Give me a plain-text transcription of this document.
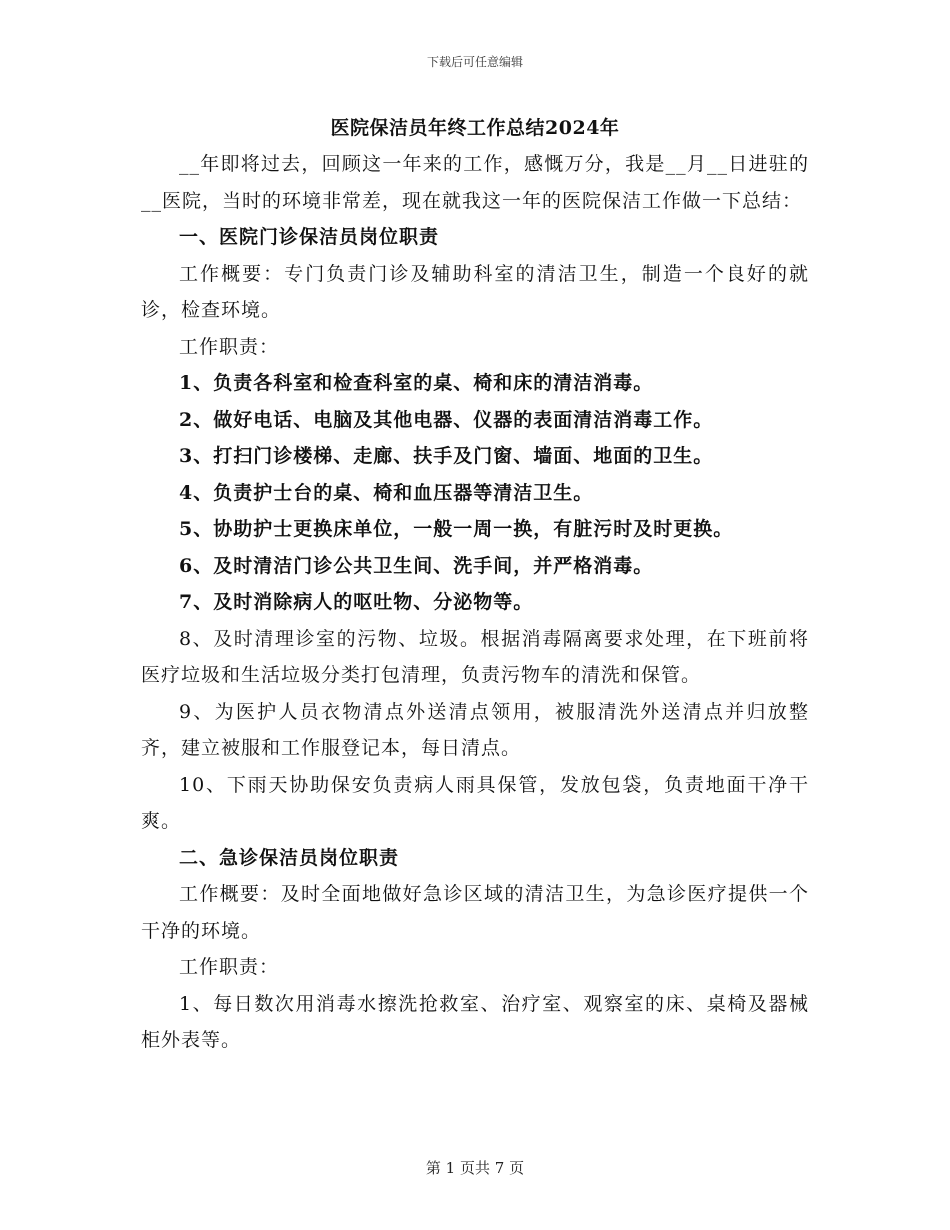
下载后可任意编辑
医院保洁员年终工作总结2024年

__年即将过去，回顾这一年来的工作，感慨万分，我是__月__日进驻的__医院，当时的环境非常差，现在就我这一年的医院保洁工作做一下总结：

一、医院门诊保洁员岗位职责

工作概要：专门负责门诊及辅助科室的清洁卫生，制造一个良好的就诊，检查环境。

工作职责：

1、负责各科室和检查科室的桌、椅和床的清洁消毒。

2、做好电话、电脑及其他电器、仪器的表面清洁消毒工作。

3、打扫门诊楼梯、走廊、扶手及门窗、墙面、地面的卫生。

4、负责护士台的桌、椅和血压器等清洁卫生。

5、协助护士更换床单位，一般一周一换，有脏污时及时更换。

6、及时清洁门诊公共卫生间、洗手间，并严格消毒。

7、及时消除病人的呕吐物、分泌物等。

8、及时清理诊室的污物、垃圾。根据消毒隔离要求处理，在下班前将医疗垃圾和生活垃圾分类打包清理，负责污物车的清洗和保管。

9、为医护人员衣物清点外送清点领用，被服清洗外送清点并归放整齐，建立被服和工作服登记本，每日清点。

10、下雨天协助保安负责病人雨具保管，发放包袋，负责地面干净干爽。

二、急诊保洁员岗位职责

工作概要：及时全面地做好急诊区域的清洁卫生，为急诊医疗提供一个干净的环境。

工作职责：

1、每日数次用消毒水擦洗抢救室、治疗室、观察室的床、桌椅及器械柜外表等。

第 1 页共 7 页
